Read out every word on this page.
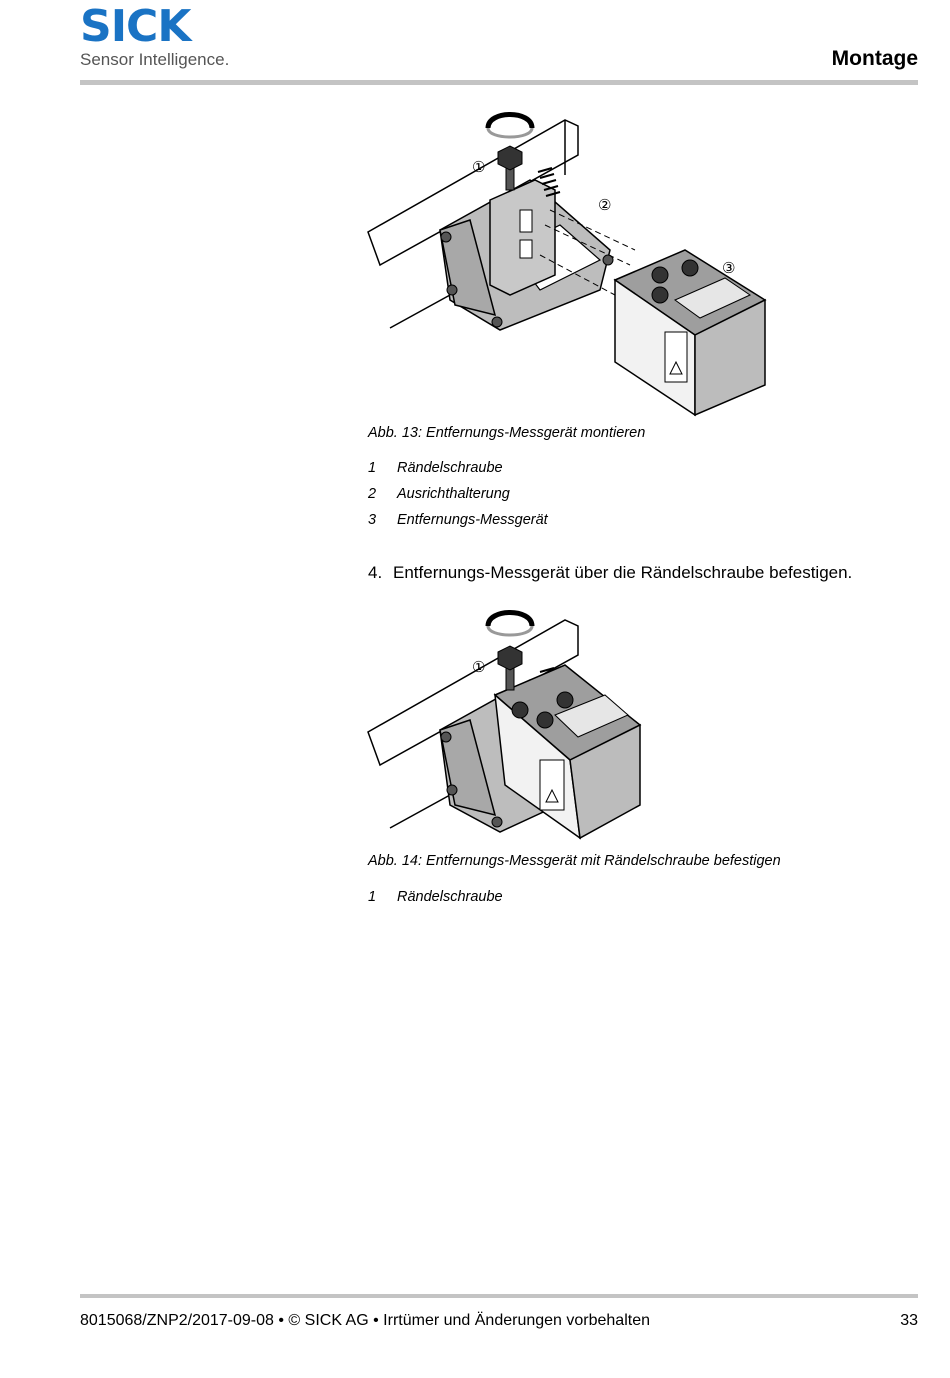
SICK
Sensor Intelligence.	Montage
①
②
③
Abb. 13: Entfernungs-Messgerät montieren
1	Rändelschraube
2	Ausrichthalterung
3	Entfernungs-Messgerät
4. Entfernungs-Messgerät über die Rändelschraube befestigen.
①
Abb. 14: Entfernungs-Messgerät mit Rändelschraube befestigen
1	Rändelschraube
8015068/ZNP2/2017-09-08 • © SICK AG • Irrtümer und Änderungen vorbehalten	33
